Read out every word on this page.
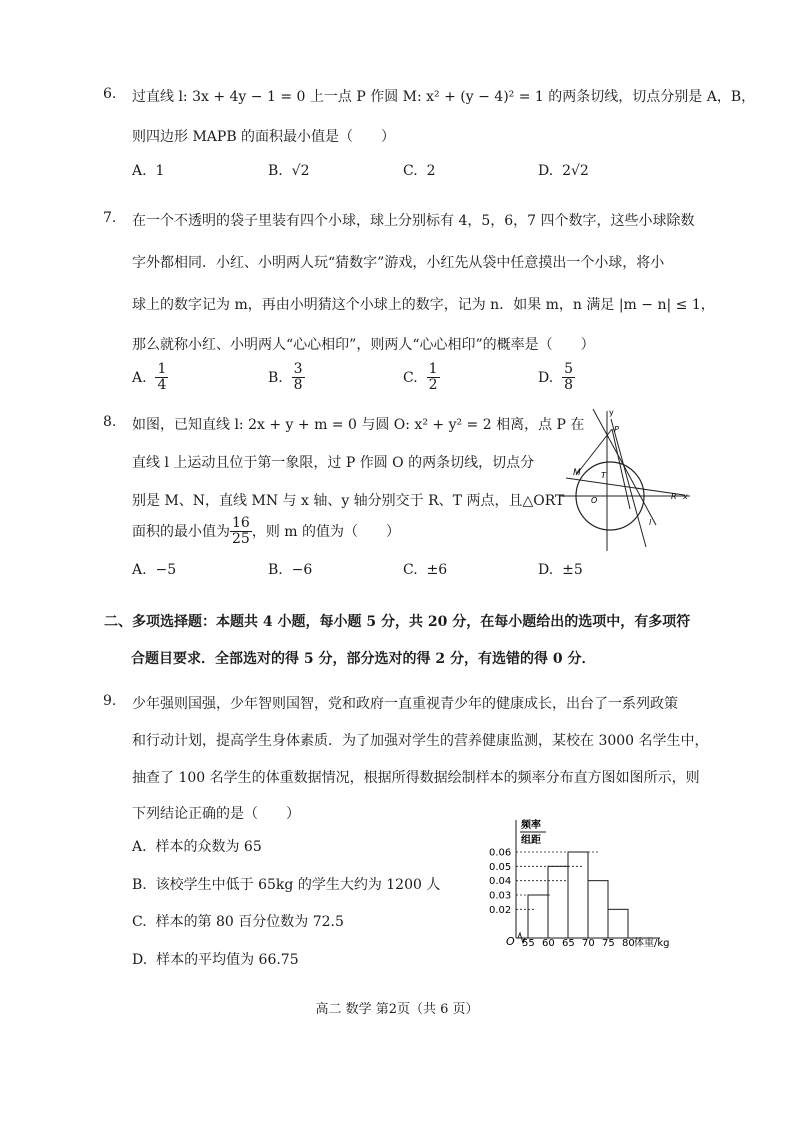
6. 过直线 l: 3x + 4y − 1 = 0 上一点 P 作圆 M: x² + (y − 4)² = 1 的两条切线，切点分别是 A，B，
则四边形 MAPB 的面积最小值是（　　）
A. 1	B. √2	C. 2	D. 2√2
7. 在一个不透明的袋子里装有四个小球，球上分别标有 4，5，6，7 四个数字，这些小球除数
字外都相同．小红、小明两人玩“猜数字”游戏，小红先从袋中任意摸出一个小球，将小
球上的数字记为 m，再由小明猜这个小球上的数字，记为 n．如果 m，n 满足 |m − n| ≤ 1，
那么就称小红、小明两人“心心相印”，则两人“心心相印”的概率是（　　）
A. $\frac{1}{4}$	B. $\frac{3}{8}$	C. $\frac{1}{2}$	D. $\frac{5}{8}$
8. 如图，已知直线 l: 2x + y + m = 0 与圆 O: x² + y² = 2 相离，点 P 在
直线 l 上运动且位于第一象限，过 P 作圆 O 的两条切线，切点分
别是 M、N，直线 MN 与 x 轴、y 轴分别交于 R、T 两点，且△ORT
面积的最小值为 $\frac{16}{25}$ ，则 m 的值为（　　）
A. −5	B. −6	C. ±6	D. ±5
y
P
M	T
O	R x
l
二、多项选择题：本题共 4 小题，每小题 5 分，共 20 分，在每小题给出的选项中，有多项符
合题目要求．全部选对的得 5 分，部分选对的得 2 分，有选错的得 0 分．
9. 少年强则国强，少年智则国智，党和政府一直重视青少年的健康成长，出台了一系列政策
和行动计划，提高学生身体素质．为了加强对学生的营养健康监测，某校在 3000 名学生中，
抽查了 100 名学生的体重数据情况，根据所得数据绘制样本的频率分布直方图如图所示，则
下列结论正确的是（　　）
A. 样本的众数为 65
B. 该校学生中低于 65kg 的学生大约为 1200 人
C. 样本的第 80 百分位数为 72.5
D. 样本的平均值为 66.75
0.02
0.03
0.04
0.05
0.06
55 60 65 70 75 80
频率
组距
O	体重/kg
高二 数学 第2页（共 6 页）
